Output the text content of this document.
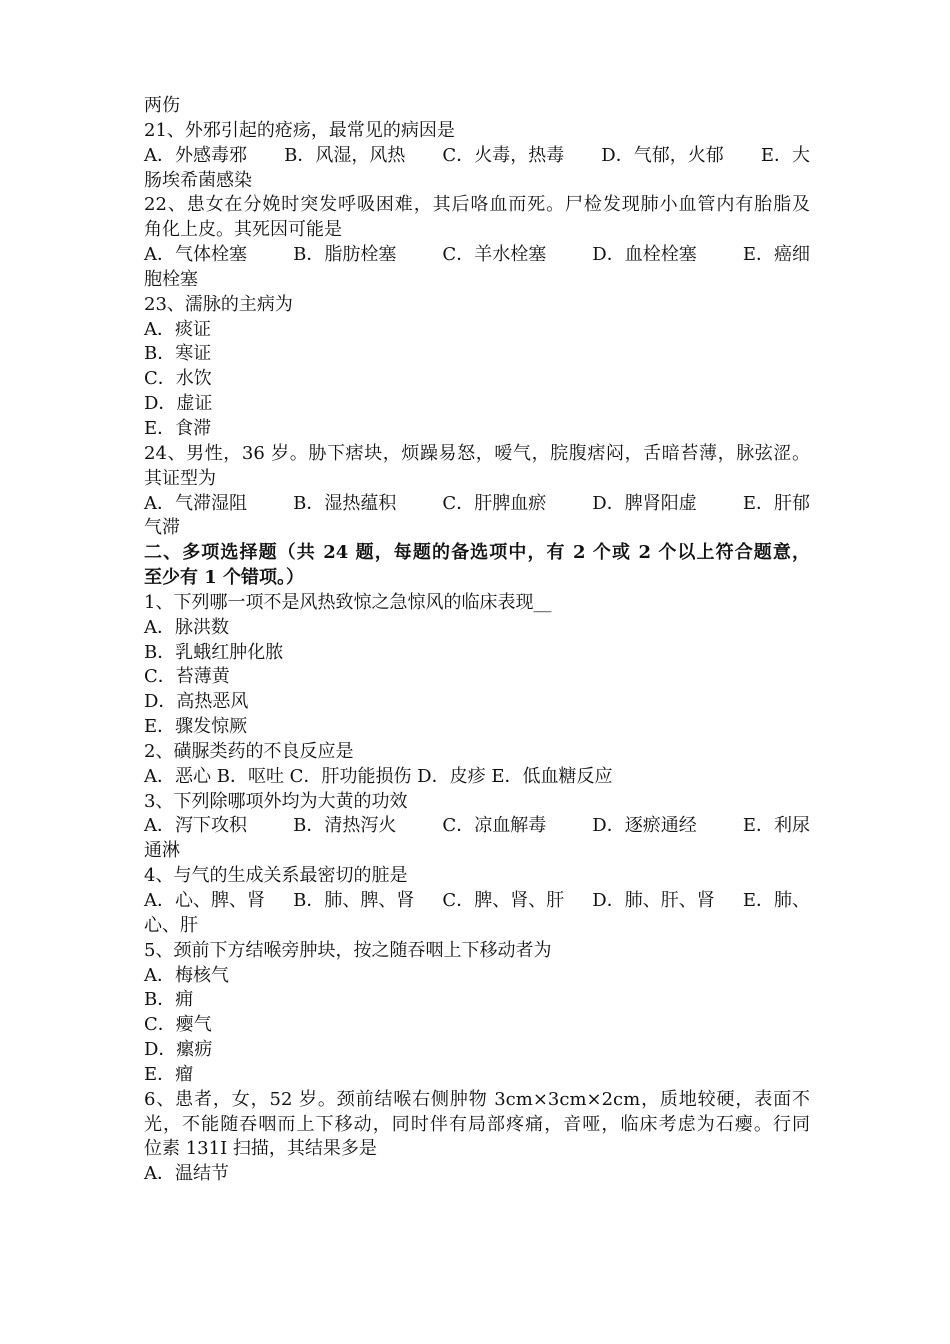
两伤
21、外邪引起的疮疡，最常见的病因是
A．外感毒邪 B．风湿，风热 C．火毒，热毒 D．气郁，火郁 E．大
肠埃希菌感染
22、患女在分娩时突发呼吸困难，其后咯血而死。尸检发现肺小血管内有胎脂及
角化上皮。其死因可能是
A．气体栓塞	B．脂肪栓塞	C．羊水栓塞	D．血栓栓塞	E．癌细
胞栓塞
23、濡脉的主病为
A．痰证
B．寒证
C．水饮
D．虚证
E．食滞
24、男性，36 岁。胁下痞块，烦躁易怒，嗳气，脘腹痞闷，舌暗苔薄，脉弦涩。
其证型为
A．气滞湿阻	B．湿热蕴积	C．肝脾血瘀	D．脾肾阳虚	E．肝郁
气滞
二、多项选择题（共 24 题，每题的备选项中，有 2 个或 2 个以上符合题意，
至少有 1 个错项。）
1、下列哪一项不是风热致惊之急惊风的临床表现__
A．脉洪数
B．乳蛾红肿化脓
C．苔薄黄
D．高热恶风
E．骤发惊厥
2、磺脲类药的不良反应是
A．恶心 B．呕吐 C．肝功能损伤 D．皮疹 E．低血糖反应
3、下列除哪项外均为大黄的功效
A．泻下攻积	B．清热泻火	C．凉血解毒	D．逐瘀通经	E．利尿
通淋
4、与气的生成关系最密切的脏是
A．心、脾、肾 B．肺、脾、肾 C．脾、肾、肝 D．肺、肝、肾 E．肺、
心、肝
5、颈前下方结喉旁肿块，按之随吞咽上下移动者为
A．梅核气
B．痈
C．瘿气
D．瘰疬
E．瘤
6、患者，女，52 岁。颈前结喉右侧肿物 3cm×3cm×2cm，质地较硬，表面不
光，不能随吞咽而上下移动，同时伴有局部疼痛，音哑，临床考虑为石瘿。行同
位素 131I 扫描，其结果多是
A．温结节
